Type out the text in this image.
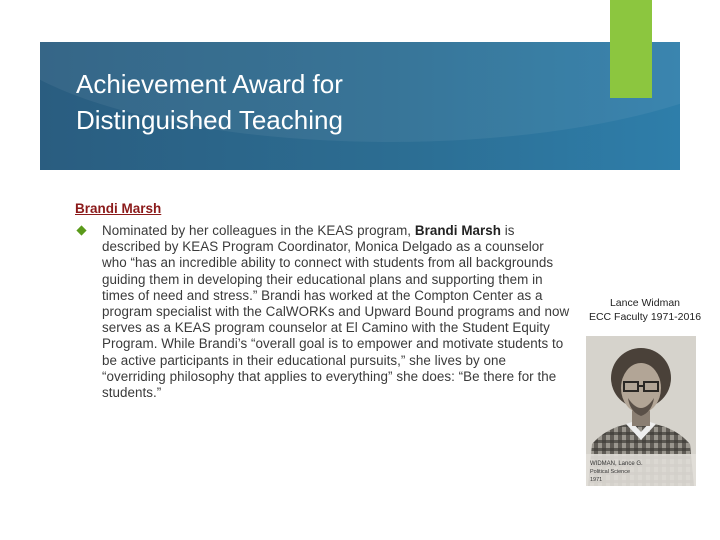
Achievement Award for
Distinguished Teaching
Brandi Marsh
Nominated by her colleagues in the KEAS program, Brandi Marsh is described by KEAS Program Coordinator, Monica Delgado as a counselor who “has an incredible ability to connect with students from all backgrounds guiding them in developing their educational plans and supporting them in times of need and stress.” Brandi has worked at the Compton Center as a program specialist with the CalWORKs and Upward Bound programs and now serves as a KEAS program counselor at El Camino with the Student Equity Program. While Brandi’s “overall goal is to empower and motivate students to be active participants in their educational pursuits,” she lives by one “overriding philosophy that applies to everything” she does: “Be there for the students.”
Lance Widman
ECC Faculty 1971-2016
WIDMAN, Lance G.
Political Science
1971
